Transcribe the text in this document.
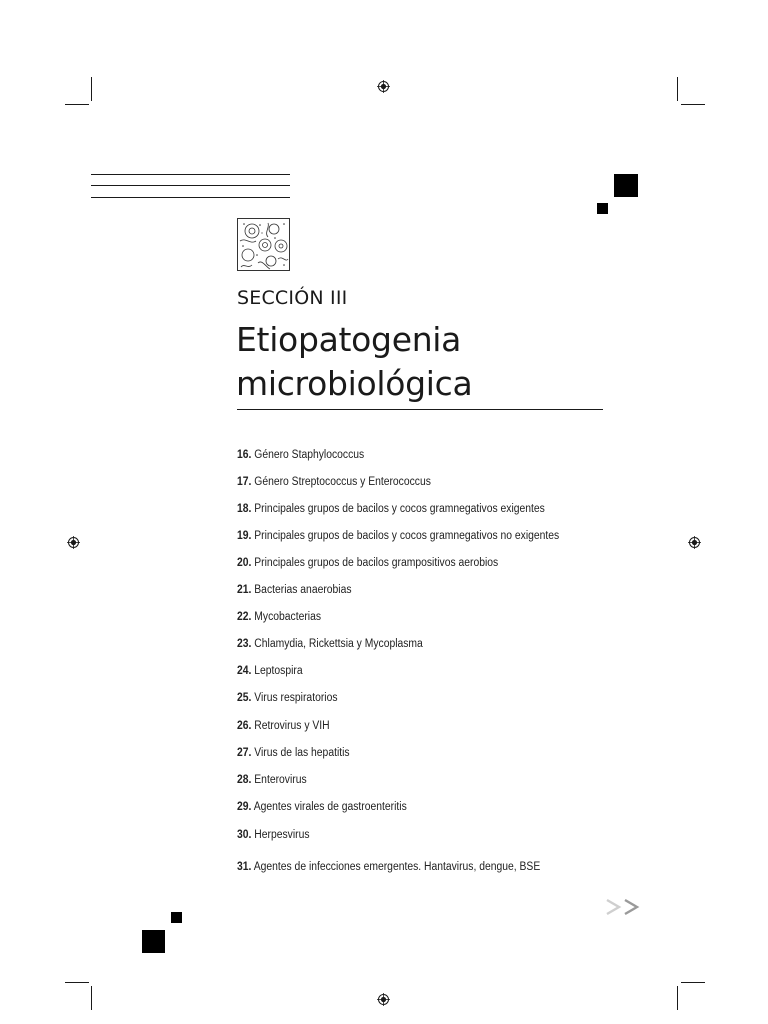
SECCIÓN III
Etiopatogenia
microbiológica
16. Género Staphylococcus
17. Género Streptococcus y Enterococcus
18. Principales grupos de bacilos y cocos gramnegativos exigentes
19. Principales grupos de bacilos y cocos gramnegativos no exigentes
20. Principales grupos de bacilos grampositivos aerobios
21. Bacterias anaerobias
22. Mycobacterias
23. Chlamydia, Rickettsia y Mycoplasma
24. Leptospira
25. Virus respiratorios
26. Retrovirus y VIH
27. Virus de las hepatitis
28. Enterovirus
29. Agentes virales de gastroenteritis
30. Herpesvirus
31. Agentes de infecciones emergentes. Hantavirus, dengue, BSE
